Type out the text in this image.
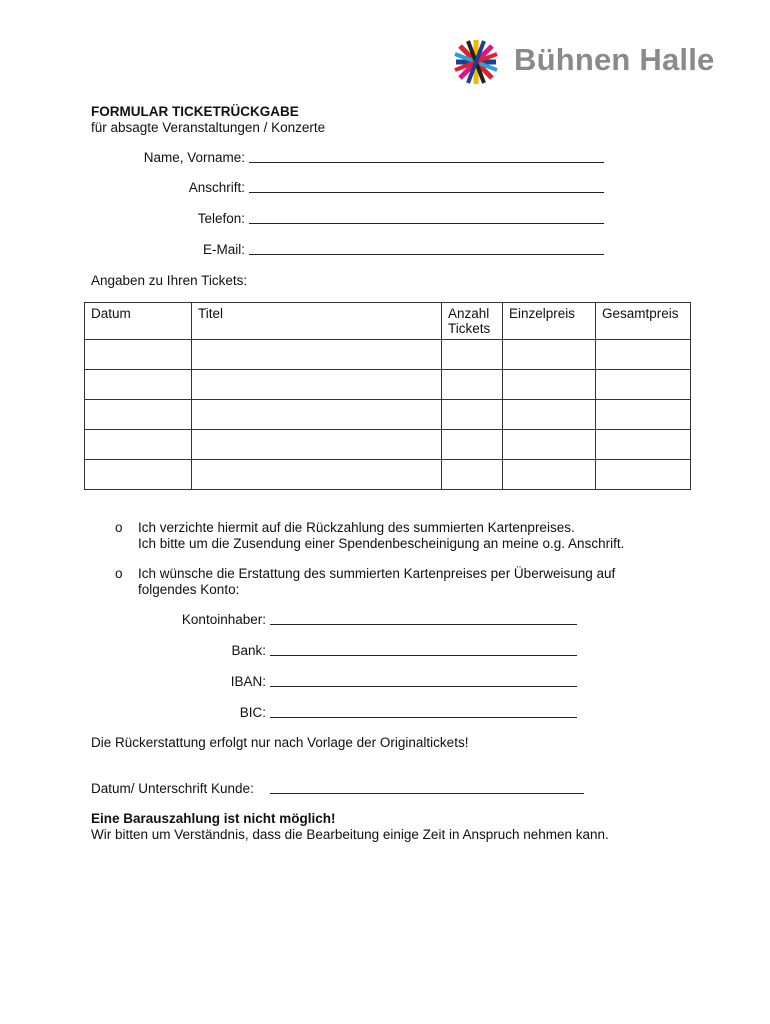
Bühnen Halle
FORMULAR TICKETRÜCKGABE
für absagte Veranstaltungen / Konzerte
Name, Vorname:
Anschrift:
Telefon:
E-Mail:
Angaben zu Ihren Tickets:
Datum	Titel	Anzahl Tickets	Einzelpreis	Gesamtpreis

o Ich verzichte hiermit auf die Rückzahlung des summierten Kartenpreises.
Ich bitte um die Zusendung einer Spendenbescheinigung an meine o.g. Anschrift.
o Ich wünsche die Erstattung des summierten Kartenpreises per Überweisung auf
folgendes Konto:
Kontoinhaber:
Bank:
IBAN:
BIC:
Die Rückerstattung erfolgt nur nach Vorlage der Originaltickets!
Datum/ Unterschrift Kunde:
Eine Barauszahlung ist nicht möglich!
Wir bitten um Verständnis, dass die Bearbeitung einige Zeit in Anspruch nehmen kann.
